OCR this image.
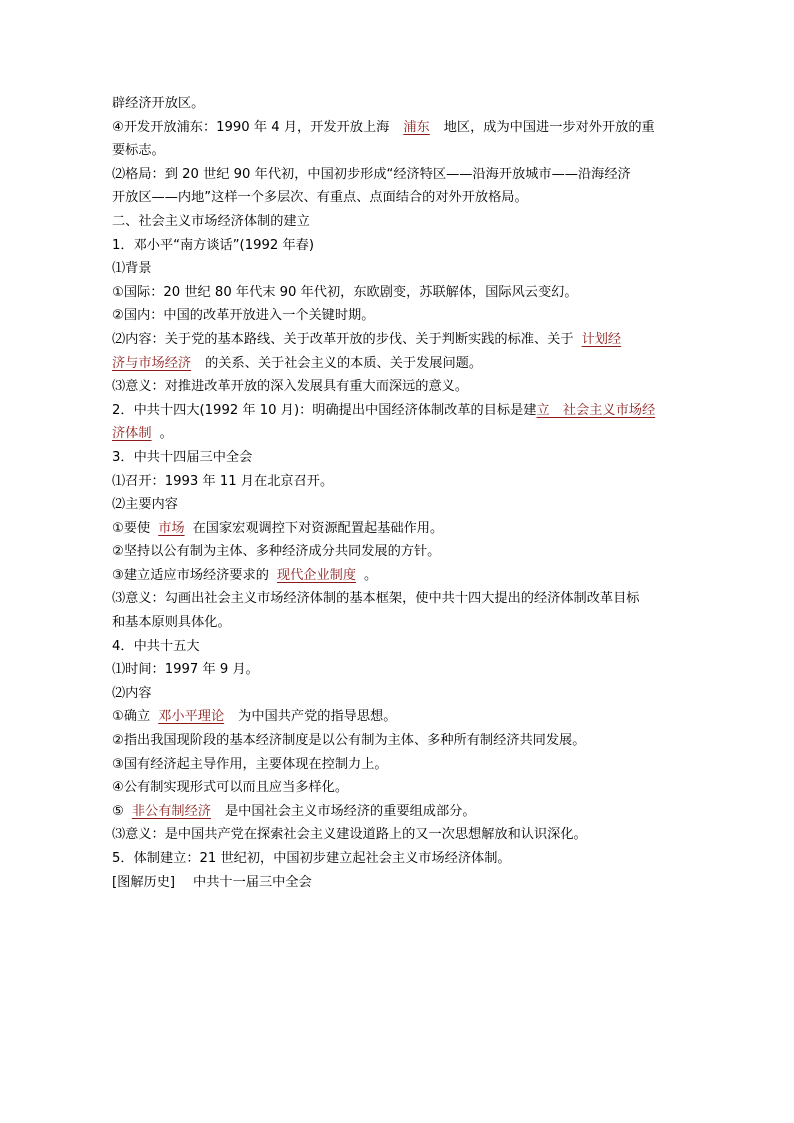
辟经济开放区。
④开发开放浦东：1990 年 4 月，开发开放上海 浦东 地区，成为中国进一步对外开放的重
要标志。
⑵格局：到 20 世纪 90 年代初，中国初步形成“经济特区——沿海开放城市——沿海经济
开放区——内地”这样一个多层次、有重点、点面结合的对外开放格局。
二、社会主义市场经济体制的建立
1．邓小平“南方谈话”(1992 年春)
⑴背景
①国际：20 世纪 80 年代末 90 年代初，东欧剧变，苏联解体，国际风云变幻。
②国内：中国的改革开放进入一个关键时期。
⑵内容：关于党的基本路线、关于改革开放的步伐、关于判断实践的标准、关于 计划经
济与市场经济 的关系、关于社会主义的本质、关于发展问题。
⑶意义：对推进改革开放的深入发展具有重大而深远的意义。
2．中共十四大(1992 年 10 月)：明确提出中国经济体制改革的目标是建立　社会主义市场经
济体制 。
3．中共十四届三中全会
⑴召开：1993 年 11 月在北京召开。
⑵主要内容
①要使 市场 在国家宏观调控下对资源配置起基础作用。
②坚持以公有制为主体、多种经济成分共同发展的方针。
③建立适应市场经济要求的 现代企业制度 。
⑶意义：勾画出社会主义市场经济体制的基本框架，使中共十四大提出的经济体制改革目标
和基本原则具体化。
4．中共十五大
⑴时间：1997 年 9 月。
⑵内容
①确立 邓小平理论 为中国共产党的指导思想。
②指出我国现阶段的基本经济制度是以公有制为主体、多种所有制经济共同发展。
③国有经济起主导作用，主要体现在控制力上。
④公有制实现形式可以而且应当多样化。
⑤ 非公有制经济 是中国社会主义市场经济的重要组成部分。
⑶意义：是中国共产党在探索社会主义建设道路上的又一次思想解放和认识深化。
5．体制建立：21 世纪初，中国初步建立起社会主义市场经济体制。
[图解历史] 中共十一届三中全会
